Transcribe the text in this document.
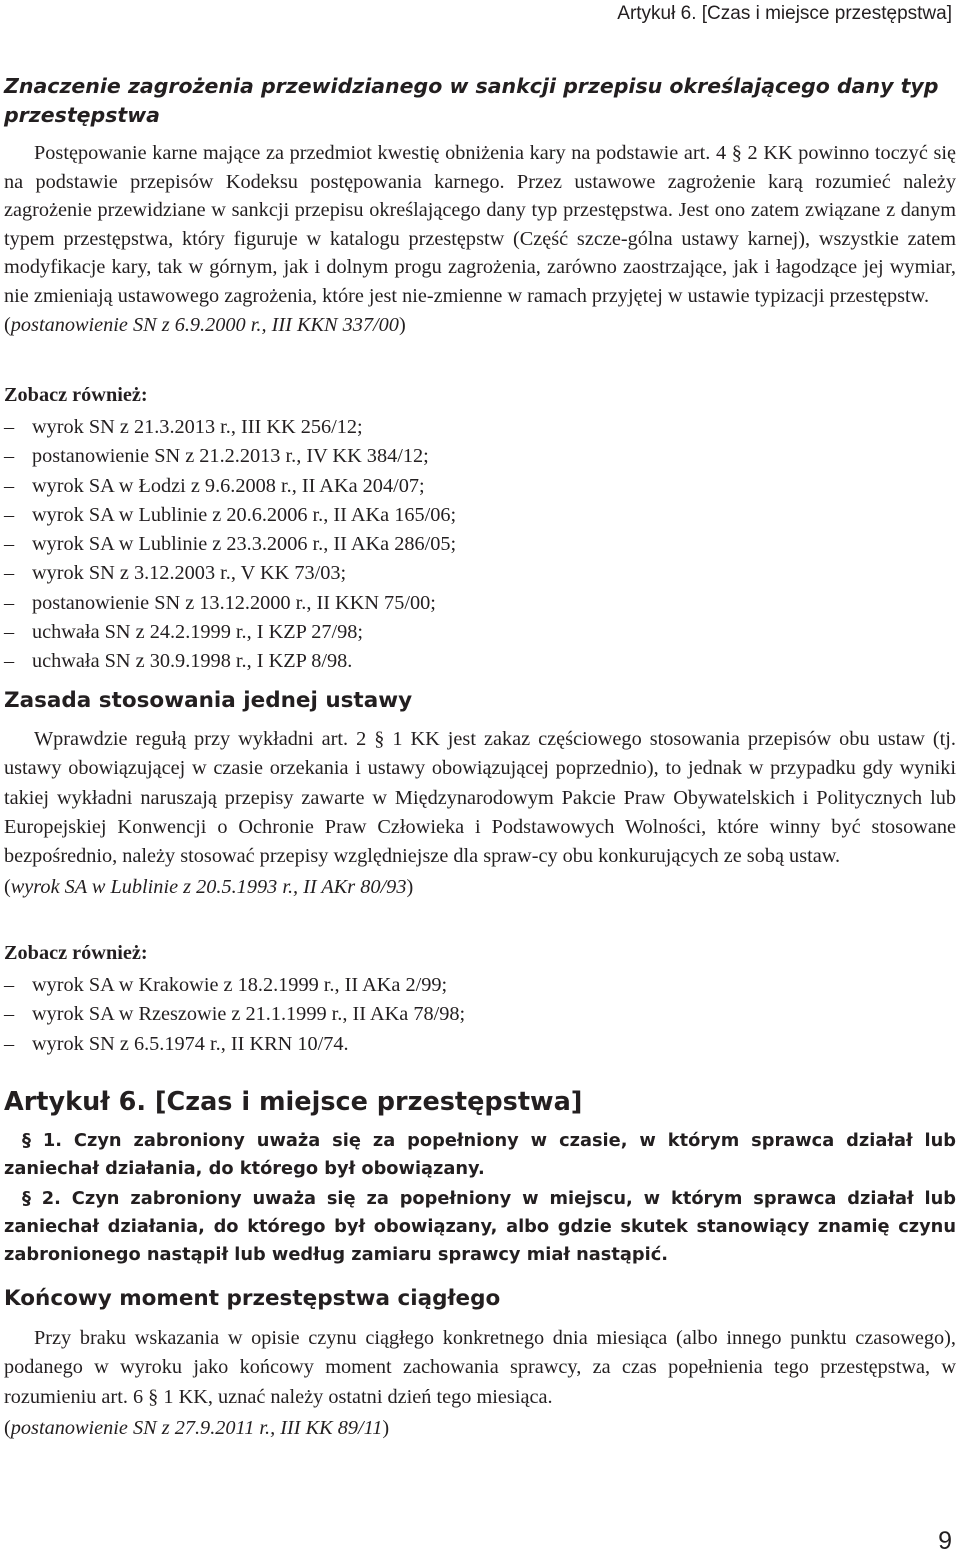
Artykuł 6. [Czas i miejsce przestępstwa]
Znaczenie zagrożenia przewidzianego w sankcji przepisu określającego dany typ przestępstwa
Postępowanie karne mające za przedmiot kwestię obniżenia kary na podstawie art. 4 § 2 KK powinno toczyć się na podstawie przepisów Kodeksu postępowania karnego. Przez ustawowe zagrożenie karą rozumieć należy zagrożenie przewidziane w sankcji przepisu określającego dany typ przestępstwa. Jest ono zatem związane z danym typem przestępstwa, który figuruje w katalogu przestępstw (Część szcze-gólna ustawy karnej), wszystkie zatem modyfikacje kary, tak w górnym, jak i dolnym progu zagrożenia, zarówno zaostrzające, jak i łagodzące jej wymiar, nie zmieniają ustawowego zagrożenia, które jest nie-zmienne w ramach przyjętej w ustawie typizacji przestępstw.
(postanowienie SN z 6.9.2000 r., III KKN 337/00)
Zobacz również:
– wyrok SN z 21.3.2013 r., III KK 256/12;
– postanowienie SN z 21.2.2013 r., IV KK 384/12;
– wyrok SA w Łodzi z 9.6.2008 r., II AKa 204/07;
– wyrok SA w Lublinie z 20.6.2006 r., II AKa 165/06;
– wyrok SA w Lublinie z 23.3.2006 r., II AKa 286/05;
– wyrok SN z 3.12.2003 r., V KK 73/03;
– postanowienie SN z 13.12.2000 r., II KKN 75/00;
– uchwała SN z 24.2.1999 r., I KZP 27/98;
– uchwała SN z 30.9.1998 r., I KZP 8/98.
Zasada stosowania jednej ustawy
Wprawdzie regułą przy wykładni art. 2 § 1 KK jest zakaz częściowego stosowania przepisów obu ustaw (tj. ustawy obowiązującej w czasie orzekania i ustawy obowiązującej poprzednio), to jednak w przypadku gdy wyniki takiej wykładni naruszają przepisy zawarte w Międzynarodowym Pakcie Praw Obywatelskich i Politycznych lub Europejskiej Konwencji o Ochronie Praw Człowieka i Podstawowych Wolności, które winny być stosowane bezpośrednio, należy stosować przepisy względniejsze dla spraw-cy obu konkurujących ze sobą ustaw.
(wyrok SA w Lublinie z 20.5.1993 r., II AKr 80/93)
Zobacz również:
– wyrok SA w Krakowie z 18.2.1999 r., II AKa 2/99;
– wyrok SA w Rzeszowie z 21.1.1999 r., II AKa 78/98;
– wyrok SN z 6.5.1974 r., II KRN 10/74.
Artykuł 6. [Czas i miejsce przestępstwa]
§ 1. Czyn zabroniony uważa się za popełniony w czasie, w którym sprawca działał lub zaniechał działania, do którego był obowiązany.
§ 2. Czyn zabroniony uważa się za popełniony w miejscu, w którym sprawca działał lub zaniechał działania, do którego był obowiązany, albo gdzie skutek stanowiący znamię czynu zabronionego nastąpił lub według zamiaru sprawcy miał nastąpić.
Końcowy moment przestępstwa ciągłego
Przy braku wskazania w opisie czynu ciągłego konkretnego dnia miesiąca (albo innego punktu czasowego), podanego w wyroku jako końcowy moment zachowania sprawcy, za czas popełnienia tego przestępstwa, w rozumieniu art. 6 § 1 KK, uznać należy ostatni dzień tego miesiąca.
(postanowienie SN z 27.9.2011 r., III KK 89/11)
9
